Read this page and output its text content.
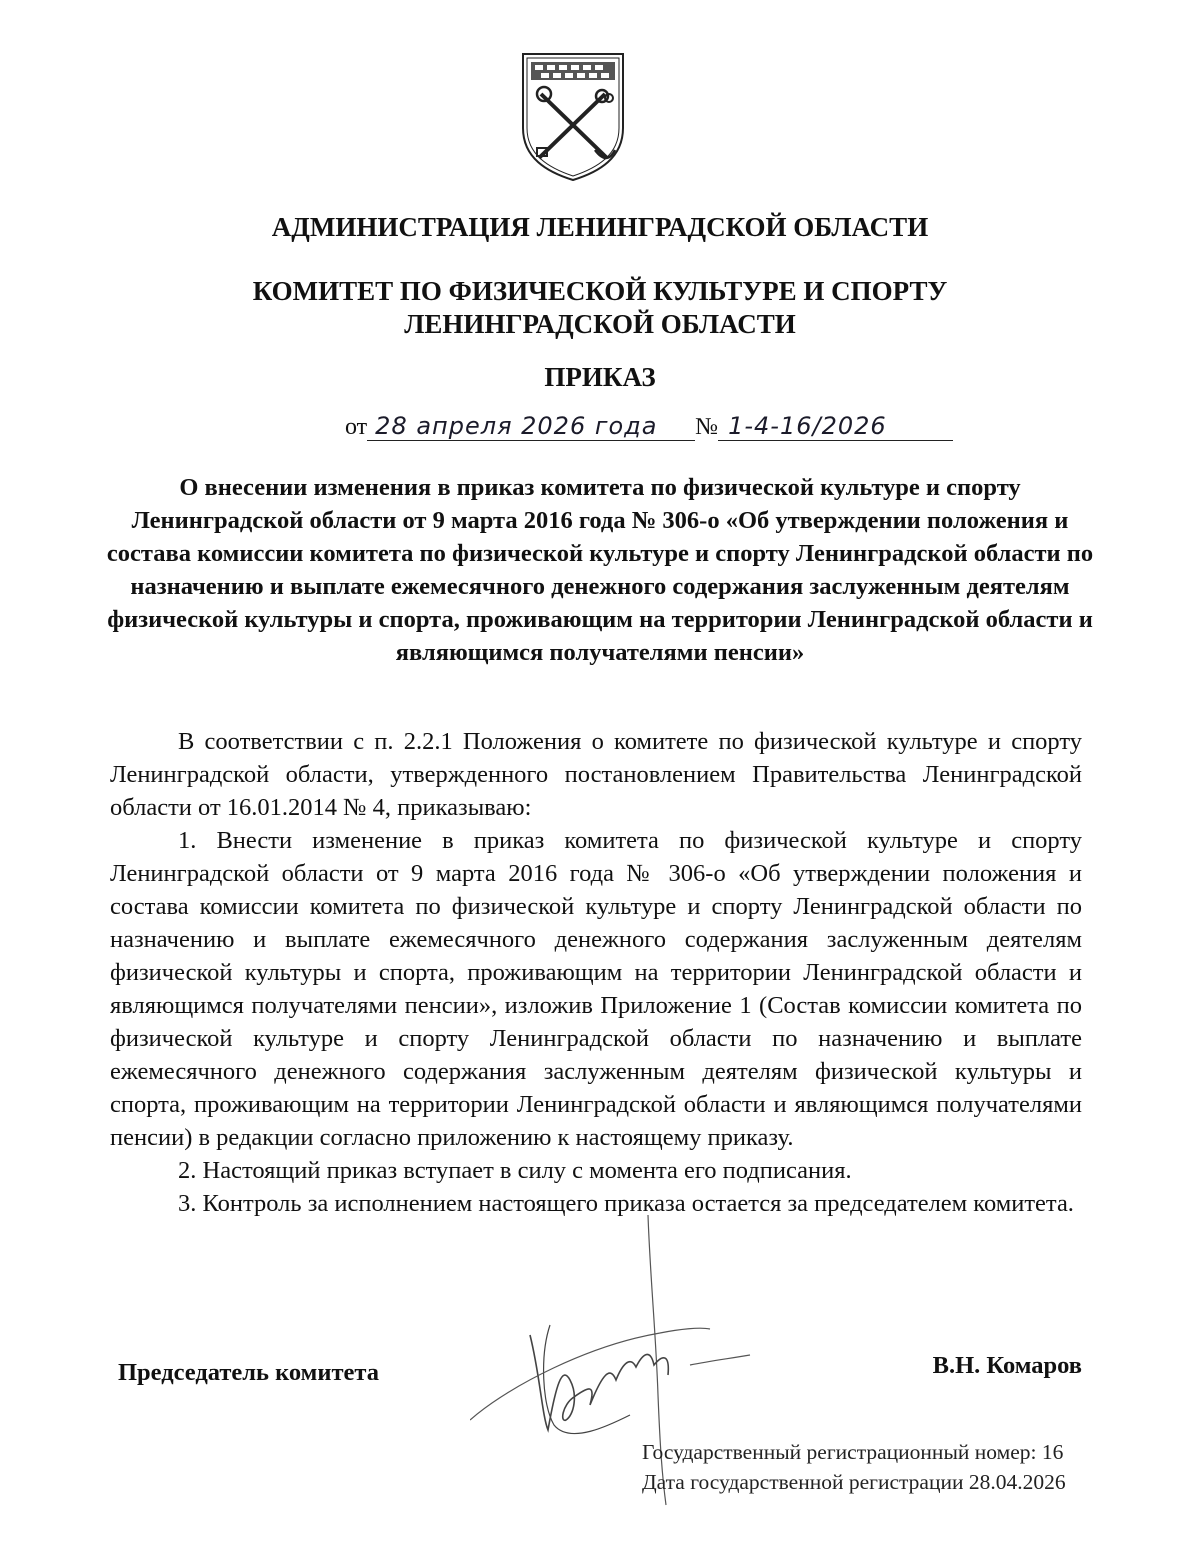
АДМИНИСТРАЦИЯ ЛЕНИНГРАДСКОЙ ОБЛАСТИ
КОМИТЕТ ПО ФИЗИЧЕСКОЙ КУЛЬТУРЕ И СПОРТУ
ЛЕНИНГРАДСКОЙ ОБЛАСТИ
ПРИКАЗ
от 28 апреля 2026 года № 1-4-16/2026
О внесении изменения в приказ комитета по физической культуре и спорту Ленинградской области от 9 марта 2016 года № 306-о «Об утверждении положения и состава комиссии комитета по физической культуре и спорту Ленинградской области по назначению и выплате ежемесячного денежного содержания заслуженным деятелям физической культуры и спорта, проживающим на территории Ленинградской области и являющимся получателями пенсии»

В соответствии с п. 2.2.1 Положения о комитете по физической культуре и спорту Ленинградской области, утвержденного постановлением Правительства Ленинградской области от 16.01.2014 № 4, приказываю:

1. Внести изменение в приказ комитета по физической культуре и спорту Ленинградской области от 9 марта 2016 года № 306-о «Об утверждении положения и состава комиссии комитета по физической культуре и спорту Ленинградской области по назначению и выплате ежемесячного денежного содержания заслуженным деятелям физической культуры и спорта, проживающим на территории Ленинградской области и являющимся получателями пенсии», изложив Приложение 1 (Состав комиссии комитета по физической культуре и спорту Ленинградской области по назначению и выплате ежемесячного денежного содержания заслуженным деятелям физической культуры и спорта, проживающим на территории Ленинградской области и являющимся получателями пенсии) в редакции согласно приложению к настоящему приказу.

2. Настоящий приказ вступает в силу с момента его подписания.

3. Контроль за исполнением настоящего приказа остается за председателем комитета.

Председатель комитета	В.Н. Комаров
Государственный регистрационный номер: 16
Дата государственной регистрации 28.04.2026
